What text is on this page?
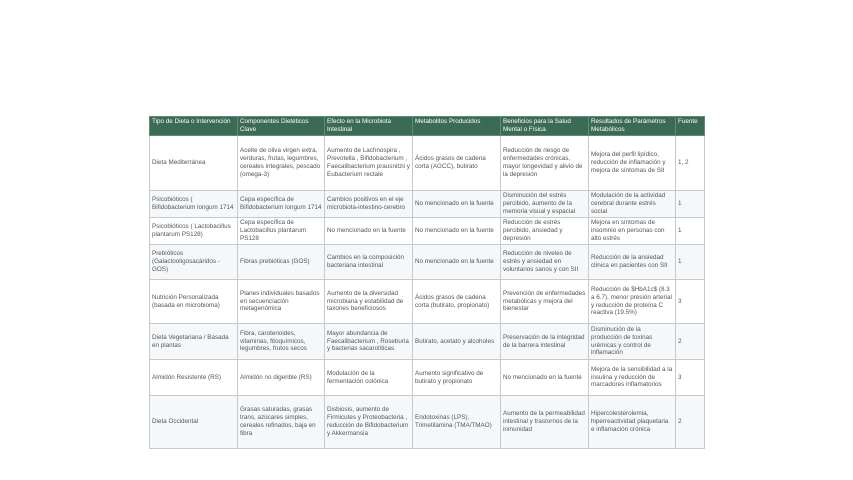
Tipo de Dieta o Intervención	Componentes Dietéticos Clave	Efecto en la Microbiota Intestinal	Metabolitos Producidos	Beneficios para la Salud Mental o Física	Resultados de Parámetros Metabólicos	Fuente
Dieta Mediterránea	Aceite de oliva virgen extra, verduras, frutas, legumbres, cereales integrales, pescado (omega-3)	Aumento de Lachnospira , Prevotella , Bifidobacterium , Faecalibacterium prausnitzii y Eubacterium rectale	Ácidos grasos de cadena corta (AGCC), butirato	Reducción de riesgo de enfermedades crónicas, mayor longevidad y alivio de la depresión	Mejora del perfil lipídico, reducción de inflamación y mejora de síntomas de SII	1, 2
Psicobióticos ( Bifidobacterium longum 1714	Cepa específica de Bifidobacterium longum 1714	Cambios positivos en el eje microbiota-intestino-cerebro	No mencionado en la fuente	Disminución del estrés percibido, aumento de la memoria visual y espacial	Modulación de la actividad cerebral durante estrés social	1
Psicobióticos ( Lactobacillus plantarum PS128)	Cepa específica de Lactobacillus plantarum PS128	No mencionado en la fuente	No mencionado en la fuente	Reducción de estrés percibido, ansiedad y depresión	Mejora en síntomas de insomnio en personas con alto estrés	1
Prebióticos (Galactooligosacáridos - GOS)	Fibras prebióticas (GOS)	Cambios en la composición bacteriana intestinal	No mencionado en la fuente	Reducción de niveles de estrés y ansiedad en voluntarios sanos y con SII	Reducción de la ansiedad clínica en pacientes con SII	1
Nutrición Personalizada (basada en microbioma)	Planes individuales basados en secuenciación metagenómica	Aumento de la diversidad microbiana y estabilidad de taxones beneficiosos	Ácidos grasos de cadena corta (butirato, propionato)	Prevención de enfermedades metabólicas y mejora del bienestar	Reducción de $HbA1c$ (8.3 a 6.7), menor presión arterial y reducción de proteína C reactiva (19.5%)	3
Dieta Vegetariana / Basada en plantas	Fibra, carotenoides, vitaminas, fitoquímicos, legumbres, frutos secos	Mayor abundancia de Faecalibacterium , Roseburia y bacterias sacarolíticas	Butirato, acetato y alcoholes	Preservación de la integridad de la barrera intestinal	Disminución de la producción de toxinas urémicas y control de inflamación	2
Almidón Resistente (RS)	Almidón no digerible (RS)	Modulación de la fermentación colónica	Aumento significativo de butirato y propionato	No mencionado en la fuente	Mejora de la sensibilidad a la insulina y reducción de marcadores inflamatorios	3
Dieta Occidental	Grasas saturadas, grasas trans, azúcares simples, cereales refinados, baja en fibra	Disbiosis, aumento de Firmicutes y Proteobacteria , reducción de Bifidobacterium y Akkermansia	Endotoxinas (LPS), Trimetilamina (TMA/TMAO)	Aumento de la permeabilidad intestinal y trastornos de la inmunidad	Hipercolesterolemia, hiperreactividad plaquetaria e inflamación crónica	2
